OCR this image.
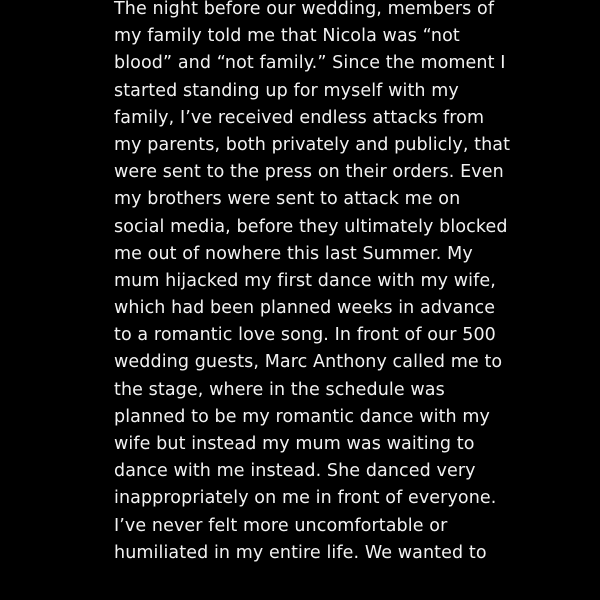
The night before our wedding, members of
my family told me that Nicola was “not
blood” and “not family.” Since the moment I
started standing up for myself with my
family, I’ve received endless attacks from
my parents, both privately and publicly, that
were sent to the press on their orders. Even
my brothers were sent to attack me on
social media, before they ultimately blocked
me out of nowhere this last Summer. My
mum hijacked my first dance with my wife,
which had been planned weeks in advance
to a romantic love song. In front of our 500
wedding guests, Marc Anthony called me to
the stage, where in the schedule was
planned to be my romantic dance with my
wife but instead my mum was waiting to
dance with me instead. She danced very
inappropriately on me in front of everyone.
I’ve never felt more uncomfortable or
humiliated in my entire life. We wanted to
